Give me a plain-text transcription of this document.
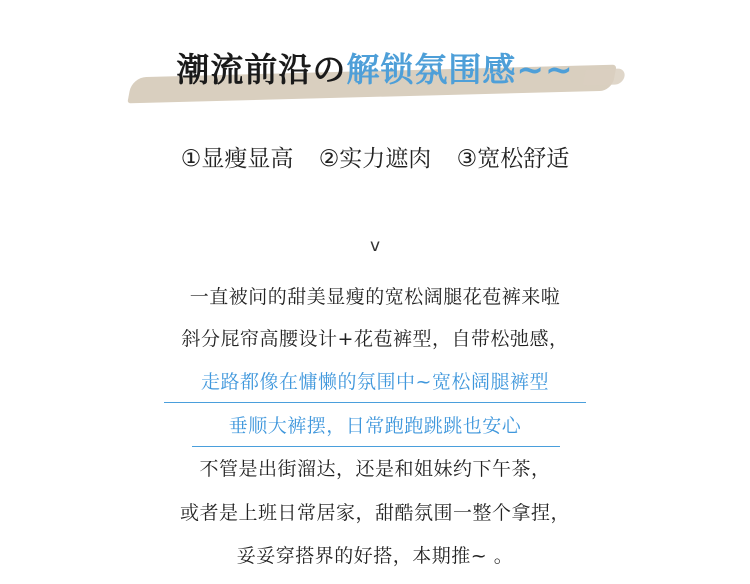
潮流前沿の解锁氛围感~~
①显瘦显高 ②实力遮肉 ③宽松舒适
v
一直被问的甜美显瘦的宽松阔腿花苞裤来啦
斜分屁帘高腰设计+花苞裤型，自带松弛感，
走路都像在慵懒的氛围中~宽松阔腿裤型
垂顺大裤摆，日常跑跑跳跳也安心
不管是出街溜达，还是和姐妹约下午茶，
或者是上班日常居家，甜酷氛围一整个拿捏，
妥妥穿搭界的好搭，本期推~ 。
